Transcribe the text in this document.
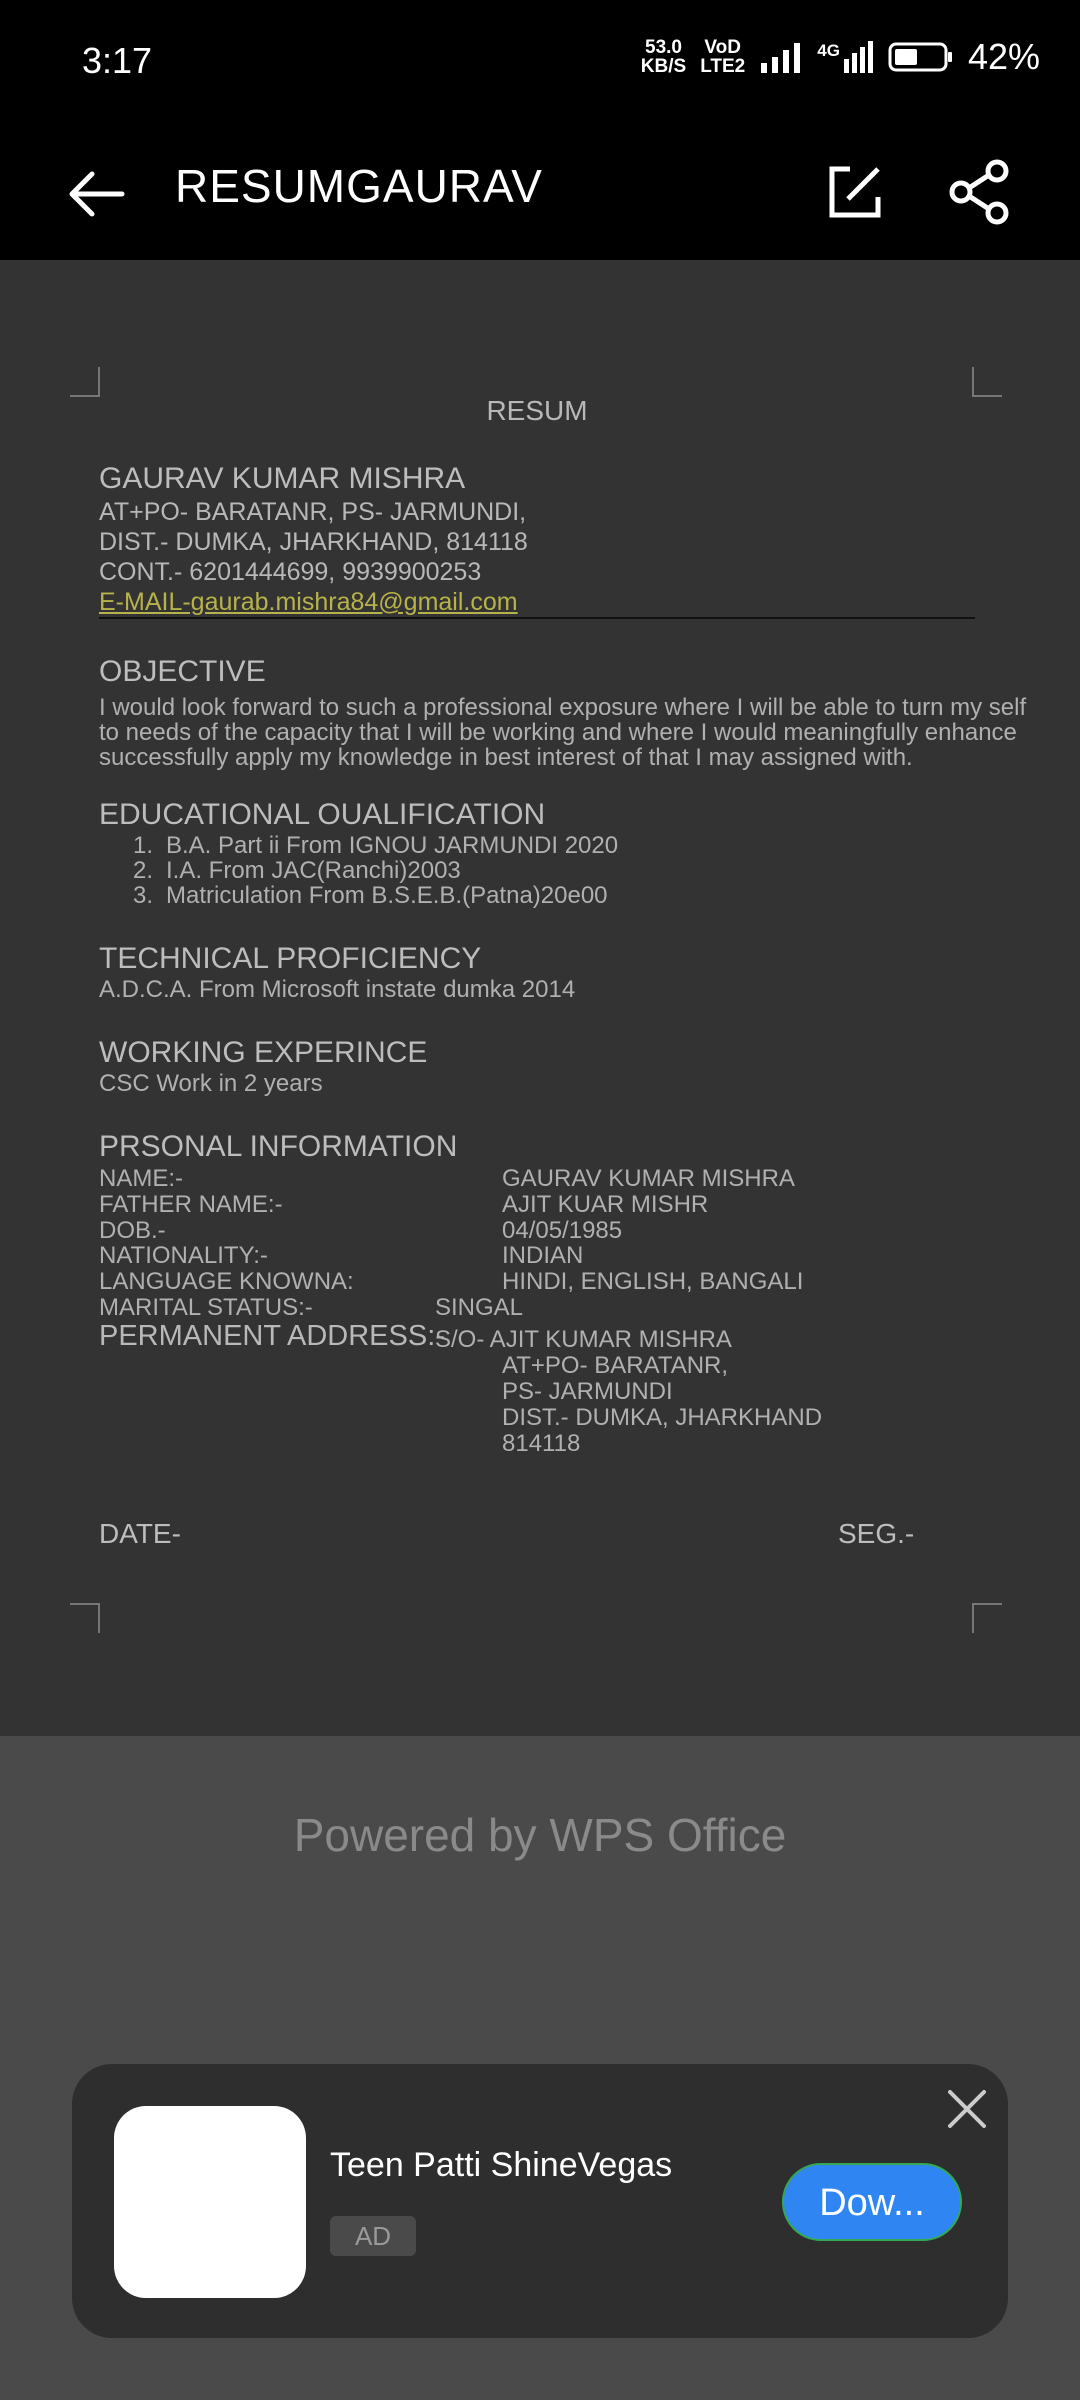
3:17	53.0
KB/S
VoD
LTE2
4G	42%
RESUMGAURAV
RESUM
GAURAV KUMAR MISHRA
AT+PO- BARATANR, PS- JARMUNDI,
DIST.- DUMKA, JHARKHAND, 814118
CONT.- 6201444699, 9939900253
E-MAIL-gaurab.mishra84@gmail.com
OBJECTIVE
I would look forward to such a professional exposure where I will be able to turn my self
to needs of the capacity that I will be working and where I would meaningfully enhance
successfully apply my knowledge in best interest of that I may assigned with.
EDUCATIONAL OUALIFICATION
1. B.A. Part ii From IGNOU JARMUNDI 2020
2. I.A. From JAC(Ranchi)2003
3. Matriculation From B.S.E.B.(Patna)20e00
TECHNICAL PROFICIENCY
A.D.C.A. From Microsoft instate dumka 2014
WORKING EXPERINCE
CSC Work in 2 years
PRSONAL INFORMATION
NAME:-	GAURAV KUMAR MISHRA
FATHER NAME:-	AJIT KUAR MISHR
DOB.-	04/05/1985
NATIONALITY:-	INDIAN
LANGUAGE KNOWNA:	HINDI, ENGLISH, BANGALI
MARITAL STATUS:-	SINGAL
PERMANENT ADDRESS:-
S/O- AJIT KUMAR MISHRA
AT+PO- BARATANR,
PS- JARMUNDI
DIST.- DUMKA, JHARKHAND
814118
DATE-	SEG.-
Powered by WPS Office
Teen Patti ShineVegas
AD
Dow...
